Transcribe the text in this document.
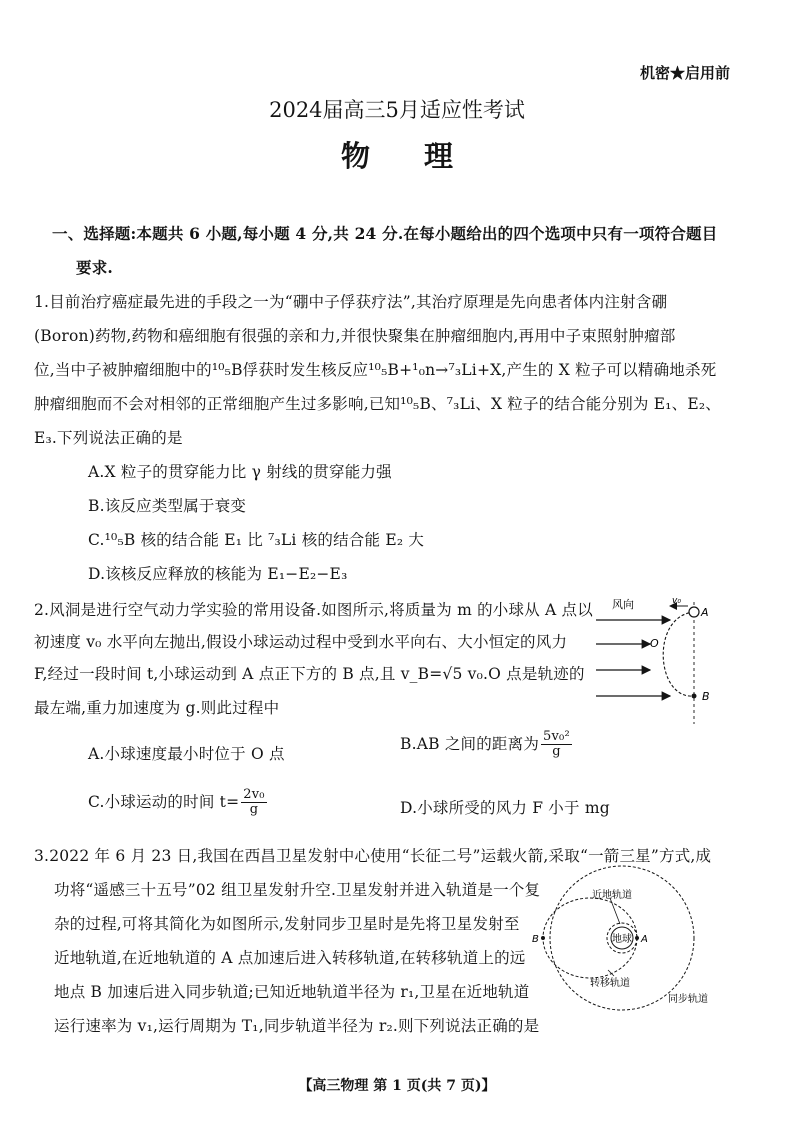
机密★启用前
2024届高三5月适应性考试
物 理
一、选择题:本题共 6 小题,每小题 4 分,共 24 分.在每小题给出的四个选项中只有一项符合题目
要求.
1.目前治疗癌症最先进的手段之一为“硼中子俘获疗法”,其治疗原理是先向患者体内注射含硼
(Boron)药物,药物和癌细胞有很强的亲和力,并很快聚集在肿瘤细胞内,再用中子束照射肿瘤部
位,当中子被肿瘤细胞中的¹⁰₅B俘获时发生核反应¹⁰₅B+¹₀n→⁷₃Li+X,产生的 X 粒子可以精确地杀死
肿瘤细胞而不会对相邻的正常细胞产生过多影响,已知¹⁰₅B、⁷₃Li、X 粒子的结合能分别为 E₁、E₂、
E₃.下列说法正确的是
A.X 粒子的贯穿能力比 γ 射线的贯穿能力强
B.该反应类型属于衰变
C.¹⁰₅B 核的结合能 E₁ 比 ⁷₃Li 核的结合能 E₂ 大
D.该核反应释放的核能为 E₁−E₂−E₃
2.风洞是进行空气动力学实验的常用设备.如图所示,将质量为 m 的小球从 A 点以
初速度 v₀ 水平向左抛出,假设小球运动过程中受到水平向右、大小恒定的风力
F,经过一段时间 t,小球运动到 A 点正下方的 B 点,且 v_B=√5 v₀.O 点是轨迹的
最左端,重力加速度为 g.则此过程中
A.小球速度最小时位于 O 点
B.AB 之间的距离为 $\frac{\text{5v₀²}}{g}$
C.小球运动的时间 $t= \frac{\text{2v₀}}{g}$	D.小球所受的风力 F 小于 mg
风向	v₀
A
O
B
3.2022 年 6 月 23 日,我国在西昌卫星发射中心使用“长征二号”运载火箭,采取“一箭三星”方式,成
功将“遥感三十五号”02 组卫星发射升空.卫星发射并进入轨道是一个复
杂的过程,可将其简化为如图所示,发射同步卫星时是先将卫星发射至
近地轨道,在近地轨道的 A 点加速后进入转移轨道,在转移轨道上的远
地点 B 加速后进入同步轨道;已知近地轨道半径为 r₁,卫星在近地轨道
运行速率为 v₁,运行周期为 T₁,同步轨道半径为 r₂.则下列说法正确的是
地球 A
B
近地轨道
转移轨道
同步轨道
【高三物理 第 1 页(共 7 页)】
